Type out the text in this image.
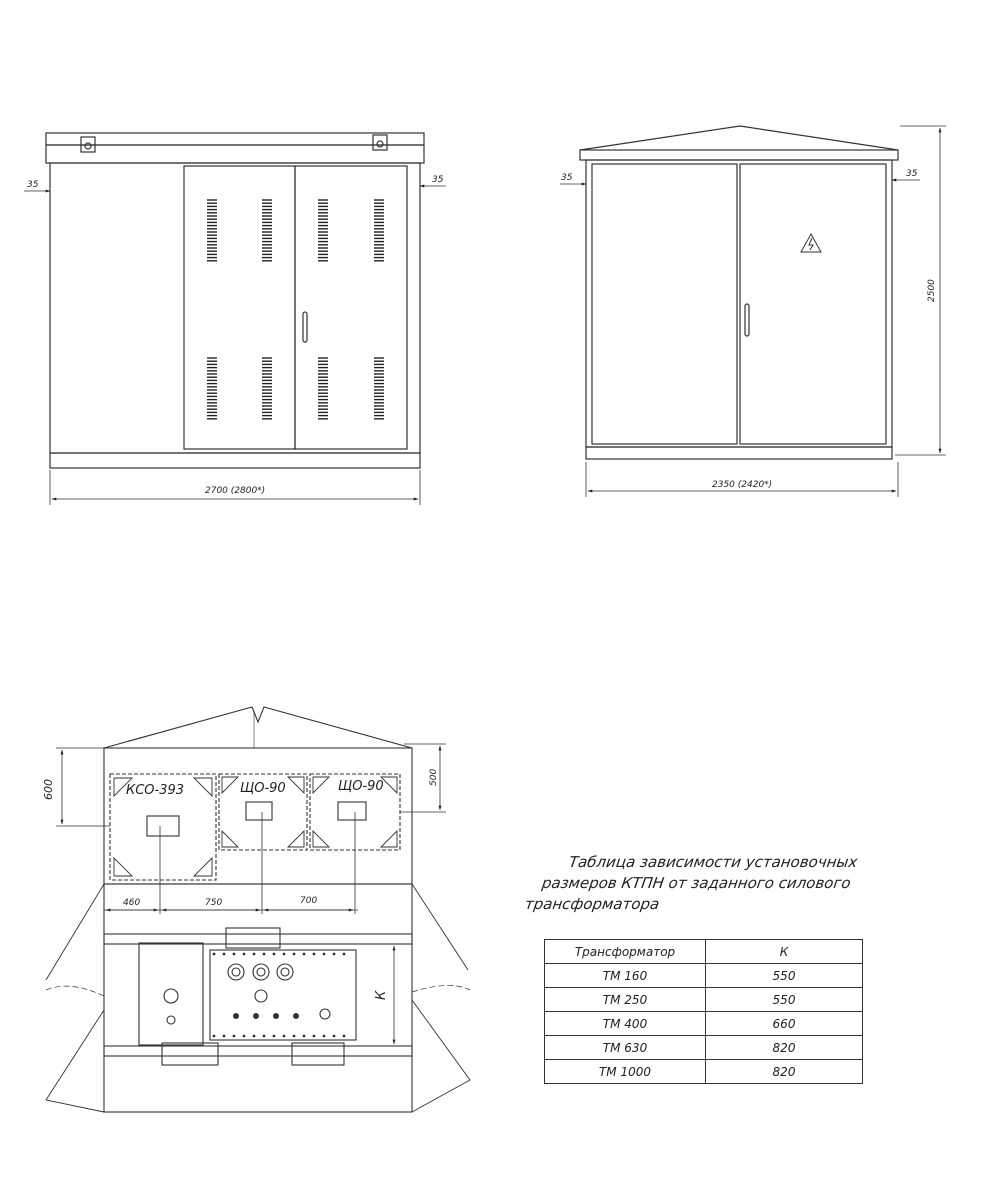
2700 (2800*)
35	35
2350 (2420*)
2500
35	35
КСО-393	ЩО-90	ЩО-90
600
500
460	750	700
К
Таблица зависимости установочных
размеров КТПН от заданного силового
трансформатора
Трансформатор	К
ТМ 160	550
ТМ 250	550
ТМ 400	660
ТМ 630	820
ТМ 1000	820
